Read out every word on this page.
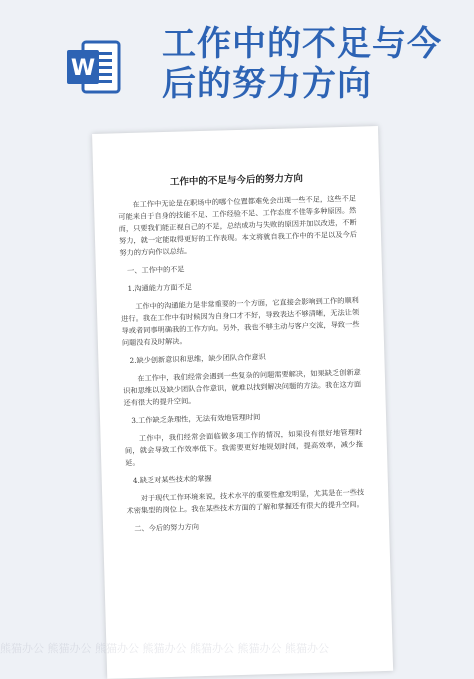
W
工作中的不足与今
后的努力方向
工作中的不足与今后的努力方向

在工作中无论是在职场中的哪个位置都难免会出现一些不足，这些不足可能来自于自身的技能不足、工作经验不足、工作态度不佳等多种原因。然而，只要我们能正视自己的不足，总结成功与失败的原因并加以改进，不断努力，就一定能取得更好的工作表现。本文将就自我工作中的不足以及今后努力的方向作以总结。

一、工作中的不足
1.沟通能力方面不足

工作中的沟通能力是非常重要的一个方面，它直接会影响到工作的顺利进行。我在工作中有时候因为自身口才不好，导致表达不够清晰，无法让领导或者同事明确我的工作方向。另外，我也不够主动与客户交流，导致一些问题没有及时解决。

2.缺少创新意识和思维，缺少团队合作意识

在工作中，我们经常会遇到一些复杂的问题需要解决，如果缺乏创新意识和思维以及缺少团队合作意识，就难以找到解决问题的方法。我在这方面还有很大的提升空间。

3.工作缺乏条理性，无法有效地管理时间

工作中，我们经常会面临做多项工作的情况，如果没有很好地管理时间，就会导致工作效率低下。我需要更好地规划时间，提高效率，减少拖延。

4.缺乏对某些技术的掌握

对于现代工作环境来说，技术水平的重要性愈发明显，尤其是在一些技术密集型的岗位上。我在某些技术方面的了解和掌握还有很大的提升空间。

二、今后的努力方向
熊猫办公 熊猫办公 熊猫办公 熊猫办公 熊猫办公 熊猫办公 熊猫办公
